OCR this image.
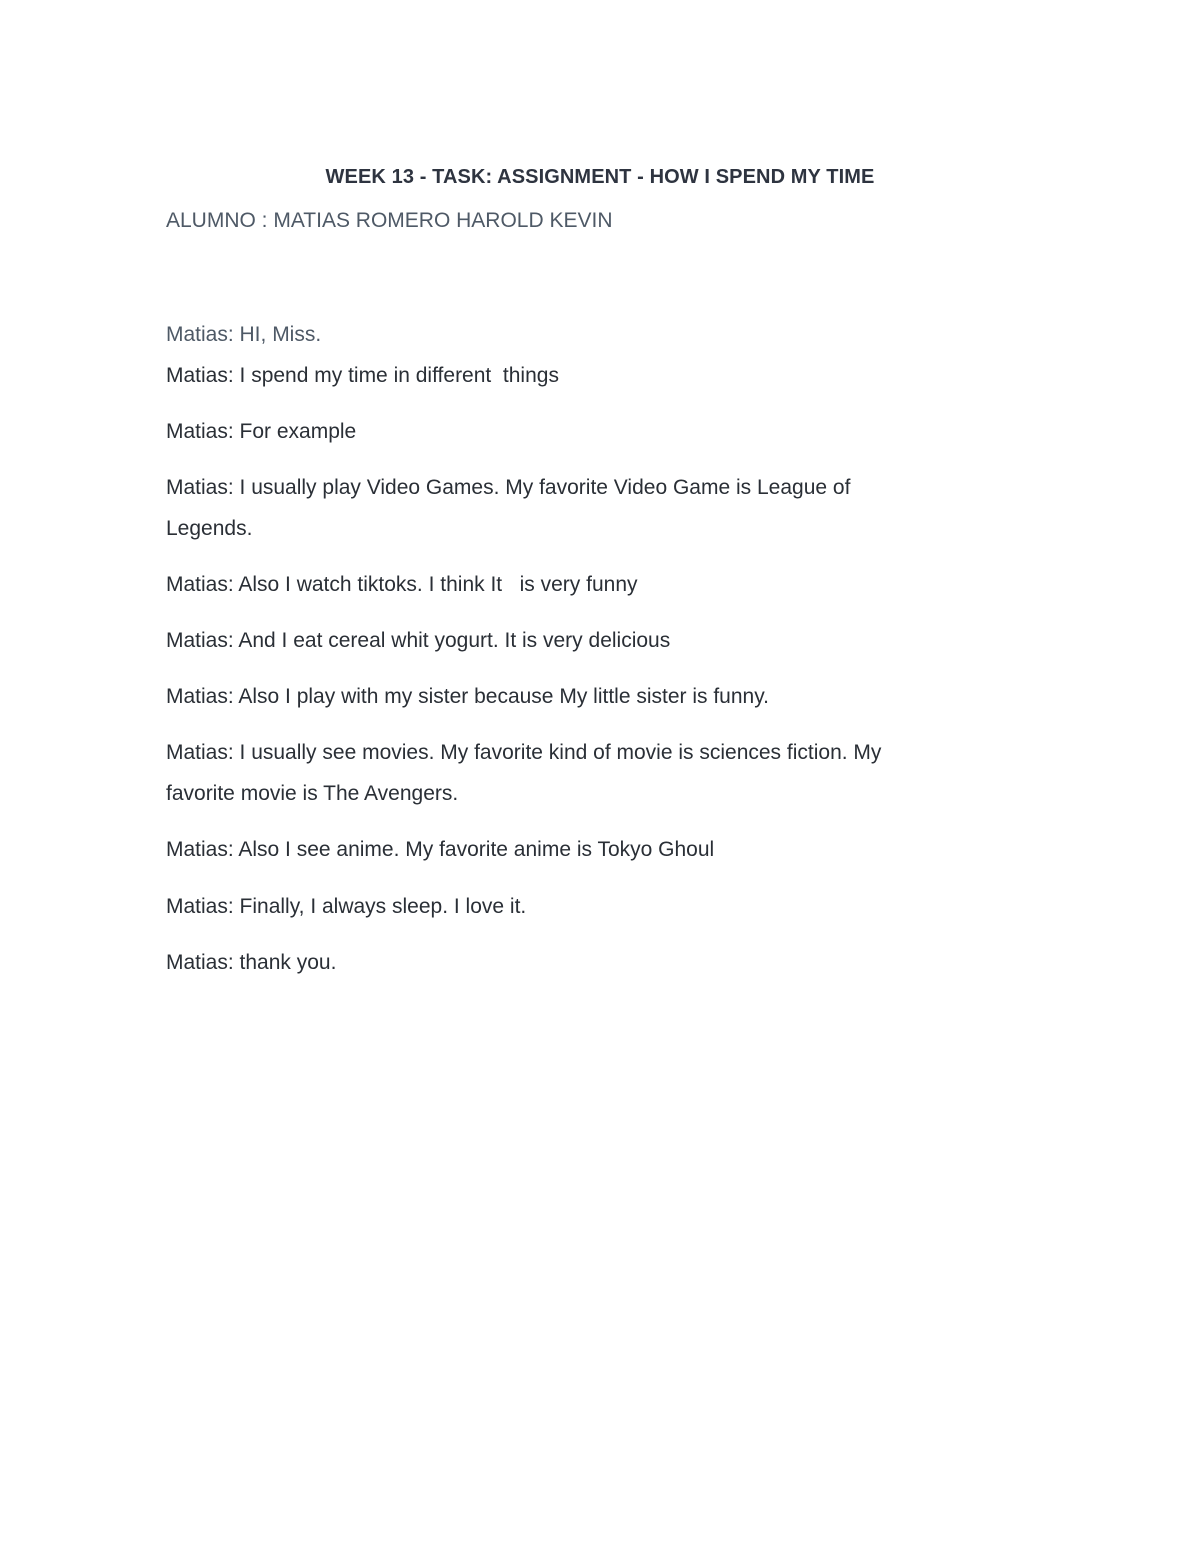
WEEK 13 - TASK: ASSIGNMENT - HOW I SPEND MY TIME
ALUMNO : MATIAS ROMERO HAROLD KEVIN
Matias: HI, Miss.
Matias: I spend my time in different  things
Matias: For example
Matias: I usually play Video Games. My favorite Video Game is League of
Legends.
Matias: Also I watch tiktoks. I think It   is very funny
Matias: And I eat cereal whit yogurt. It is very delicious
Matias: Also I play with my sister because My little sister is funny.
Matias: I usually see movies. My favorite kind of movie is sciences fiction. My
favorite movie is The Avengers.
Matias: Also I see anime. My favorite anime is Tokyo Ghoul
Matias: Finally, I always sleep. I love it.
Matias: thank you.
